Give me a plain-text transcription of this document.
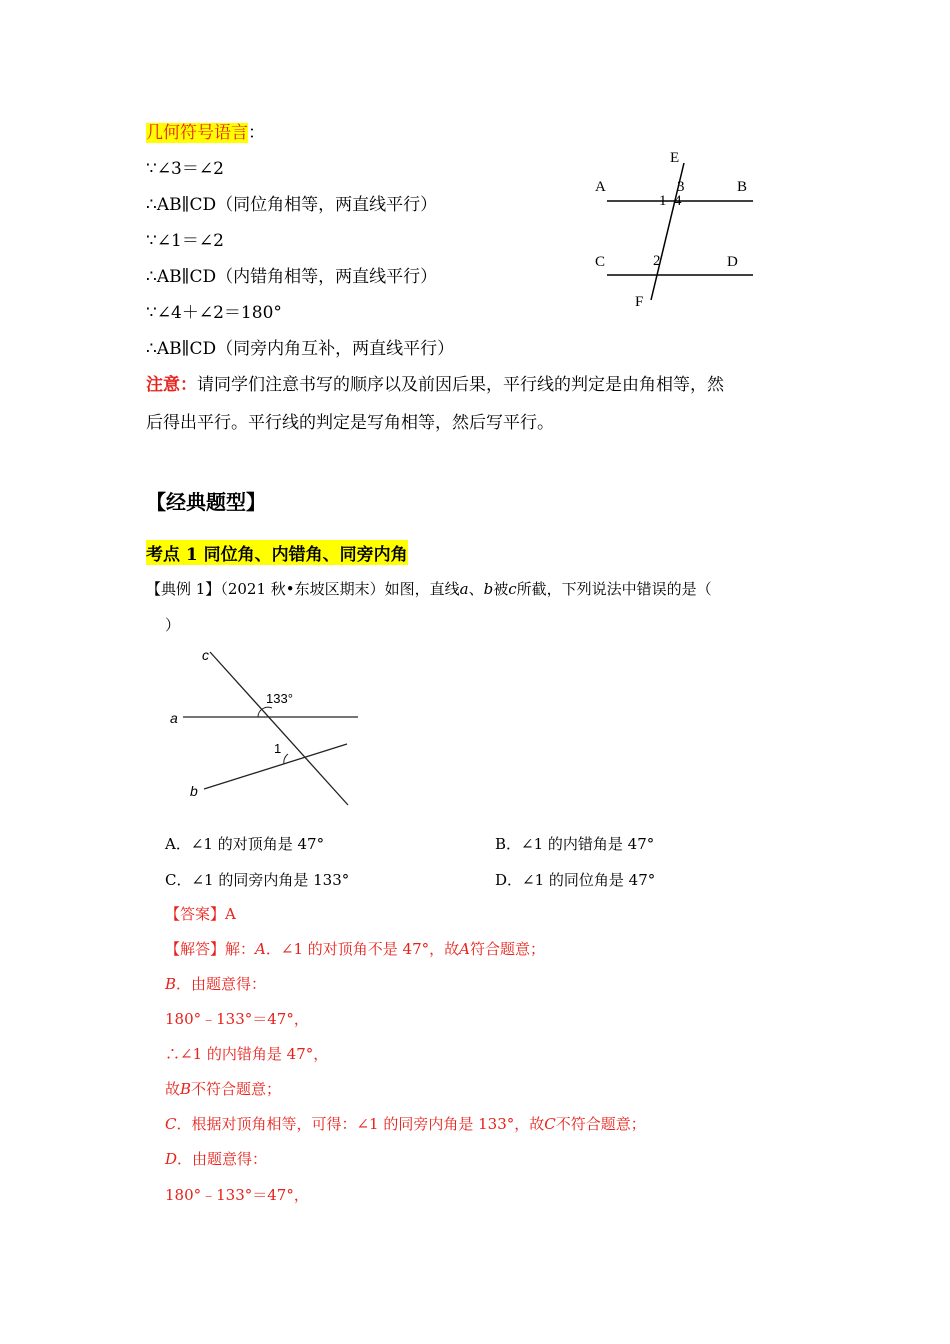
几何符号语言：
∵∠3＝∠2
∴AB∥CD（同位角相等，两直线平行）
∵∠1＝∠2
∴AB∥CD（内错角相等，两直线平行）
∵∠4＋∠2＝180°
∴AB∥CD（同旁内角互补，两直线平行）
注意：请同学们注意书写的顺序以及前因后果，平行线的判定是由角相等，然
后得出平行。平行线的判定是写角相等，然后写平行。
E
A	B
3
1 4
C	2	D
F
【经典题型】
考点 1 同位角、内错角、同旁内角
【典例 1】（2021 秋•东坡区期末）如图，直线a、b被c所截，下列说法中错误的是（
）
c
a
b
133°
1
A．∠1 的对顶角是 47°	B．∠1 的内错角是 47°
C．∠1 的同旁内角是 133°	D．∠1 的同位角是 47°
【答案】A
【解答】解：A．∠1 的对顶角不是 47°，故A符合题意；
B．由题意得：
180°﹣133°＝47°，
∴∠1 的内错角是 47°，
故B不符合题意；
C．根据对顶角相等，可得：∠1 的同旁内角是 133°，故C不符合题意；
D．由题意得：
180°﹣133°＝47°，
